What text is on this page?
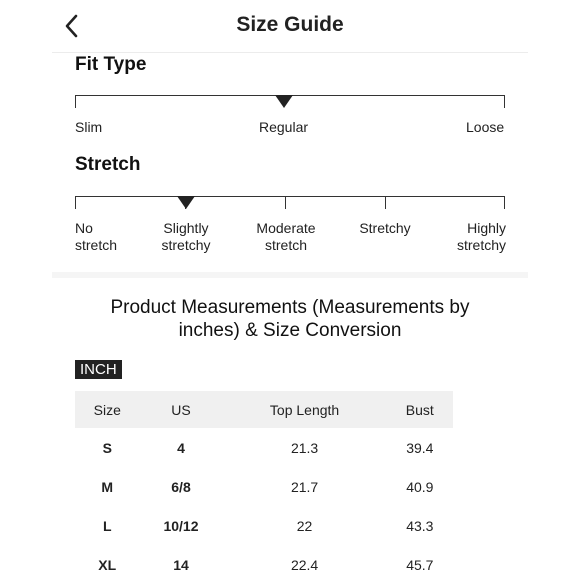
Size Guide
Fit Type
Slim	Regular	Loose
Stretch
No
stretch
Slightly
stretchy
Moderate
stretch
Stretchy	Highly
stretchy
Product Measurements (Measurements by
inches) & Size Conversion
INCH
Size	US	Top Length	Bust
S	4	21.3	39.4
M	6/8	21.7	40.9
L	10/12	22	43.3
XL	14	22.4	45.7
